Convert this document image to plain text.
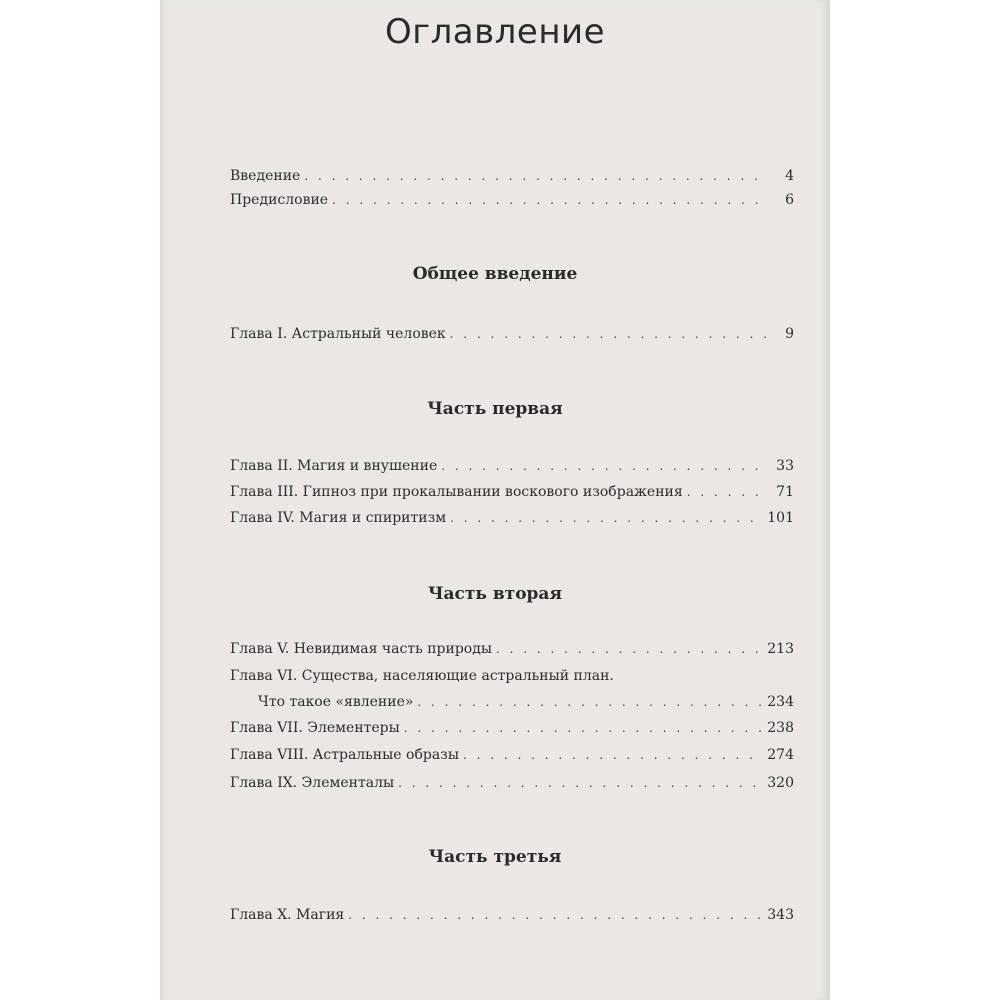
Оглавление
Введение . . .	4
Предисловие . . .	6
Общее введение
Глава I. Астральный человек . . .	9
Часть первая
Глава II. Магия и внушение . . .	33
Глава III. Гипноз при прокалывании воскового изображения . . .	71
Глава IV. Магия и спиритизм . . .	101
Часть вторая
Глава V. Невидимая часть природы . . .	213
Глава VI. Существа, населяющие астральный план.
Что такое «явление» . . .	234
Глава VII. Элементеры . . .	238
Глава VIII. Астральные образы . . .	274
Глава IX. Элементалы . . .	320
Часть третья
Глава X. Магия . . .	343
